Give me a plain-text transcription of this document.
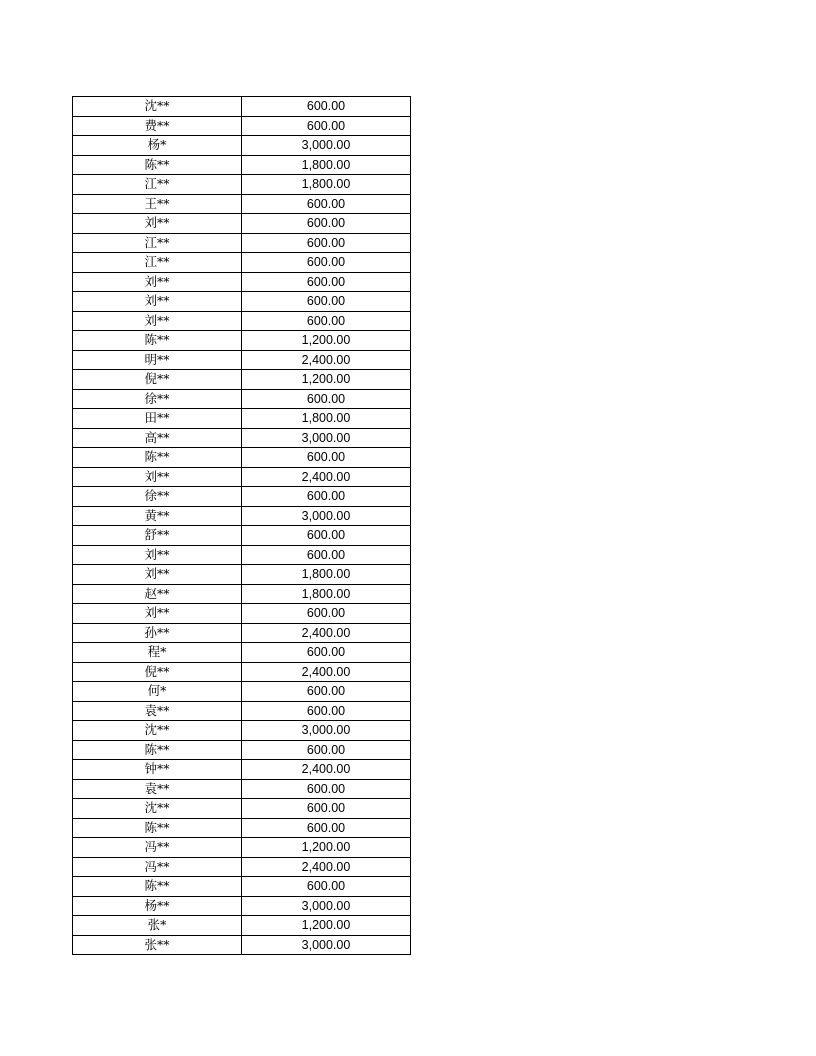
沈**	600.00
费**	600.00
杨*	3,000.00
陈**	1,800.00
江**	1,800.00
王**	600.00
刘**	600.00
江**	600.00
江**	600.00
刘**	600.00
刘**	600.00
刘**	600.00
陈**	1,200.00
明**	2,400.00
倪**	1,200.00
徐**	600.00
田**	1,800.00
高**	3,000.00
陈**	600.00
刘**	2,400.00
徐**	600.00
黄**	3,000.00
舒**	600.00
刘**	600.00
刘**	1,800.00
赵**	1,800.00
刘**	600.00
孙**	2,400.00
程*	600.00
倪**	2,400.00
何*	600.00
袁**	600.00
沈**	3,000.00
陈**	600.00
钟**	2,400.00
袁**	600.00
沈**	600.00
陈**	600.00
冯**	1,200.00
冯**	2,400.00
陈**	600.00
杨**	3,000.00
张*	1,200.00
张**	3,000.00
